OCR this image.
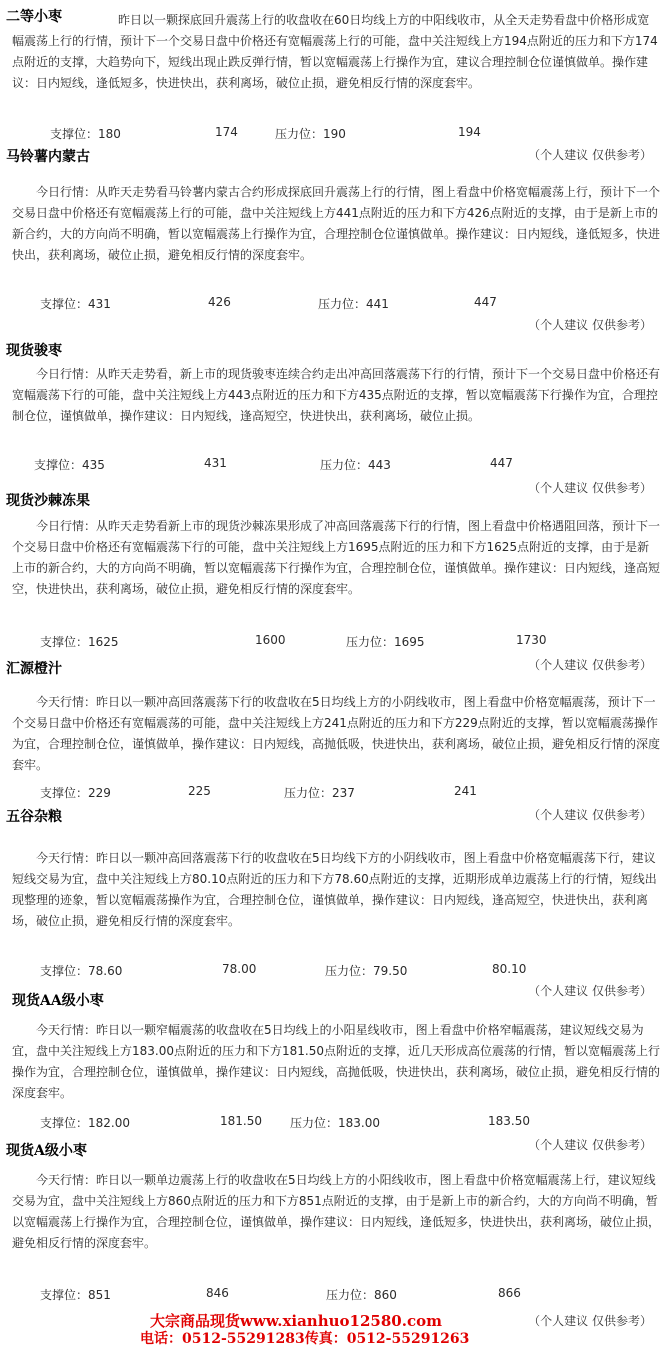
二等小枣	昨日以一颗探底回升震荡上行的收盘收在60日均线上方的中阳线收市，从全天走势看盘中价格形成宽幅震荡上行的行情，预计下一个交易日盘中价格还有宽幅震荡上行的可能，盘中关注短线上方194点附近的压力和下方174点附近的支撑，大趋势向下，短线出现止跌反弹行情，暂以宽幅震荡上行操作为宜，建议合理控制仓位谨慎做单。操作建议：日内短线，逢低短多，快进快出，获利离场，破位止损，避免相反行情的深度套牢。
支撑位：180	174	压力位：190	194
马铃薯内蒙古	（个人建议 仅供参考）
今日行情：从昨天走势看马铃薯内蒙古合约形成探底回升震荡上行的行情，图上看盘中价格宽幅震荡上行，预计下一个交易日盘中价格还有宽幅震荡上行的可能，盘中关注短线上方441点附近的压力和下方426点附近的支撑，由于是新上市的新合约，大的方向尚不明确，暂以宽幅震荡上行操作为宜，合理控制仓位谨慎做单。操作建议：日内短线，逢低短多，快进快出，获利离场，破位止损，避免相反行情的深度套牢。
支撑位：431	426	压力位：441	447
（个人建议 仅供参考）
现货骏枣
今日行情：从昨天走势看，新上市的现货骏枣连续合约走出冲高回落震荡下行的行情，预计下一个交易日盘中价格还有宽幅震荡下行的可能，盘中关注短线上方443点附近的压力和下方435点附近的支撑，暂以宽幅震荡下行操作为宜，合理控制仓位，谨慎做单，操作建议：日内短线，逢高短空，快进快出，获利离场，破位止损。
支撑位：435	431	压力位：443	447
（个人建议 仅供参考）
现货沙棘冻果
今日行情：从昨天走势看新上市的现货沙棘冻果形成了冲高回落震荡下行的行情，图上看盘中价格遇阻回落，预计下一个交易日盘中价格还有宽幅震荡下行的可能，盘中关注短线上方1695点附近的压力和下方1625点附近的支撑，由于是新上市的新合约，大的方向尚不明确，暂以宽幅震荡下行操作为宜，合理控制仓位，谨慎做单。操作建议：日内短线，逢高短空，快进快出，获利离场，破位止损，避免相反行情的深度套牢。
支撑位：1625	1600	压力位：1695	1730
汇源橙汁	（个人建议 仅供参考）
今天行情：昨日以一颗冲高回落震荡下行的收盘收在5日均线上方的小阴线收市，图上看盘中价格宽幅震荡，预计下一个交易日盘中价格还有宽幅震荡的可能，盘中关注短线上方241点附近的压力和下方229点附近的支撑，暂以宽幅震荡操作为宜，合理控制仓位，谨慎做单，操作建议：日内短线，高抛低吸，快进快出，获利离场，破位止损，避免相反行情的深度套牢。
支撑位：229	225	压力位：237	241
五谷杂粮	（个人建议 仅供参考）
今天行情：昨日以一颗冲高回落震荡下行的收盘收在5日均线下方的小阴线收市，图上看盘中价格宽幅震荡下行，建议短线交易为宜，盘中关注短线上方80.10点附近的压力和下方78.60点附近的支撑，近期形成单边震荡上行的行情，短线出现整理的迹象，暂以宽幅震荡操作为宜，合理控制仓位，谨慎做单，操作建议：日内短线，逢高短空，快进快出，获利离场，破位止损，避免相反行情的深度套牢。
支撑位：78.60	78.00	压力位：79.50	80.10
（个人建议 仅供参考）
现货AA级小枣
今天行情：昨日以一颗窄幅震荡的收盘收在5日均线上的小阳星线收市，图上看盘中价格窄幅震荡，建议短线交易为宜，盘中关注短线上方183.00点附近的压力和下方181.50点附近的支撑，近几天形成高位震荡的行情，暂以宽幅震荡上行操作为宜，合理控制仓位，谨慎做单，操作建议：日内短线，高抛低吸，快进快出，获利离场，破位止损，避免相反行情的深度套牢。
支撑位：182.00	181.50 压力位：183.00	183.50
（个人建议 仅供参考）
现货A级小枣
今天行情：昨日以一颗单边震荡上行的收盘收在5日均线上方的小阳线收市，图上看盘中价格宽幅震荡上行，建议短线交易为宜，盘中关注短线上方860点附近的压力和下方851点附近的支撑，由于是新上市的新合约，大的方向尚不明确，暂以宽幅震荡上行操作为宜，合理控制仓位，谨慎做单，操作建议：日内短线，逢低短多，快进快出，获利离场，破位止损，避免相反行情的深度套牢。
支撑位：851	846	压力位：860	866
大宗商品现货www.xianhuo12580.com
电话：0512-55291283传真：0512-55291263
（个人建议 仅供参考）
